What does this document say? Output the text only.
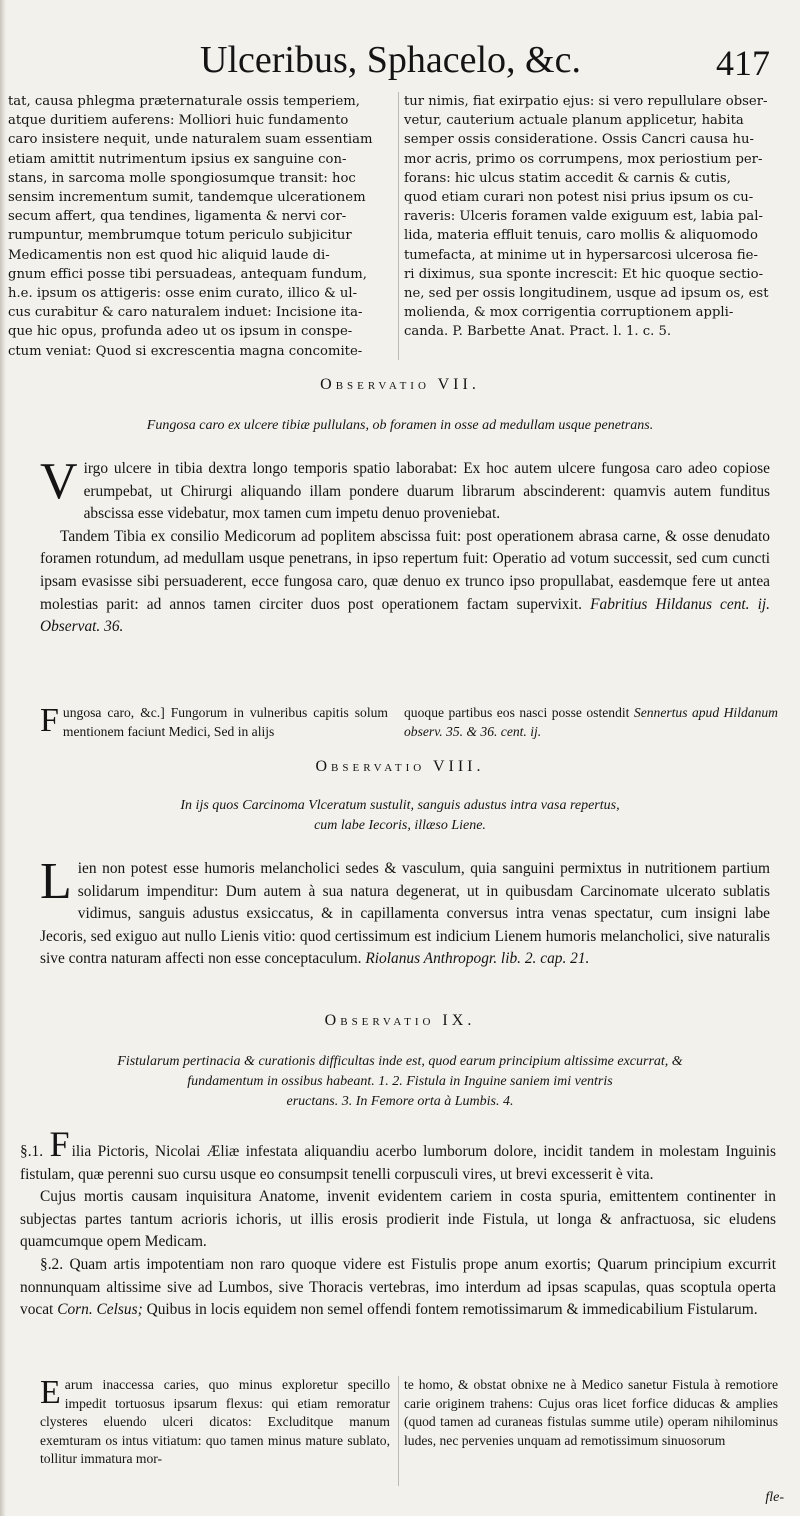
Ulceribus, Sphacelo, &c.	417

tat, causa phlegma præternaturale ossis temperiem,

atque duritiem auferens: Molliori huic fundamento

caro insistere nequit, unde naturalem suam essentiam

etiam amittit nutrimentum ipsius ex sanguine con-

stans, in sarcoma molle spongiosumque transit: hoc

sensim incrementum sumit, tandemque ulcerationem

secum affert, qua tendines, ligamenta & nervi cor-

rumpuntur, membrumque totum periculo subjicitur

Medicamentis non est quod hic aliquid laude di-

gnum effici posse tibi persuadeas, antequam fundum,

h.e. ipsum os attigeris: osse enim curato, illico & ul-

cus curabitur & caro naturalem induet: Incisione ita-

que hic opus, profunda adeo ut os ipsum in conspe-

ctum veniat: Quod si excrescentia magna concomite-

tur nimis, fiat exirpatio ejus: si vero repullulare obser-

vetur, cauterium actuale planum applicetur, habita

semper ossis consideratione. Ossis Cancri causa hu-

mor acris, primo os corrumpens, mox periostium per-

forans: hic ulcus statim accedit & carnis & cutis,

quod etiam curari non potest nisi prius ipsum os cu-

raveris: Ulceris foramen valde exiguum est, labia pal-

lida, materia effluit tenuis, caro mollis & aliquomodo

tumefacta, at minime ut in hypersarcosi ulcerosa fie-

ri diximus, sua sponte increscit: Et hic quoque sectio-

ne, sed per ossis longitudinem, usque ad ipsum os, est

molienda, & mox corrigentia corruptionem appli-

canda. P. Barbette Anat. Pract. l. 1. c. 5.

Observatio VII.
Fungosa caro ex ulcere tibiæ pullulans, ob foramen in osse ad medullam usque penetrans.

Virgo ulcere in tibia dextra longo temporis spatio laborabat: Ex hoc autem ulcere fungosa caro adeo copiose erumpebat, ut Chirurgi aliquando illam pondere duarum librarum abscinderent: quamvis autem funditus abscissa esse videbatur, mox tamen cum impetu denuo proveniebat.

Tandem Tibia ex consilio Medicorum ad poplitem abscissa fuit: post operationem abrasa carne, & osse denudato foramen rotundum, ad medullam usque penetrans, in ipso repertum fuit: Operatio ad votum successit, sed cum cuncti ipsam evasisse sibi persuaderent, ecce fungosa caro, quæ denuo ex trunco ipso propullabat, easdemque fere ut antea molestias parit: ad annos tamen circiter duos post operationem factam supervixit. Fabritius Hildanus cent. ij. Observat. 36.

Fungosa caro, &c.] Fungorum in vulneribus capitis solum mentionem faciunt Medici, Sed in alijs

quoque partibus eos nasci posse ostendit Sennertus apud Hildanum observ. 35. & 36. cent. ij.

Observatio VIII.
In ijs quos Carcinoma Vlceratum sustulit, sanguis adustus intra vasa repertus,
cum labe Iecoris, illæso Liene.

Lien non potest esse humoris melancholici sedes & vasculum, quia sanguini permixtus in nutritionem partium solidarum impenditur: Dum autem à sua natura degenerat, ut in quibusdam Carcinomate ulcerato sublatis vidimus, sanguis adustus exsiccatus, & in capillamenta conversus intra venas spectatur, cum insigni labe Jecoris, sed exiguo aut nullo Lienis vitio: quod certissimum est indicium Lienem humoris melancholici, sive naturalis sive contra naturam affecti non esse conceptaculum. Riolanus Anthropogr. lib. 2. cap. 21.

Observatio IX.
Fistularum pertinacia & curationis difficultas inde est, quod earum principium altissime excurrat, &
fundamentum in ossibus habeant. 1. 2. Fistula in Inguine saniem imi ventris
eructans. 3. In Femore orta à Lumbis. 4.

§.1. F ilia Pictoris, Nicolai Æliæ infestata aliquandiu acerbo lumborum dolore, incidit tandem in molestam Inguinis fistulam, quæ perenni suo cursu usque eo consumpsit tenelli corpusculi vires, ut brevi excesserit è vita.

Cujus mortis causam inquisitura Anatome, invenit evidentem cariem in costa spuria, emittentem continenter in subjectas partes tantum acrioris ichoris, ut illis erosis prodierit inde Fistula, ut longa & anfractuosa, sic eludens quamcumque opem Medicam.

§.2. Quam artis impotentiam non raro quoque videre est Fistulis prope anum exortis; Quarum principium excurrit nonnunquam altissime sive ad Lumbos, sive Thoracis vertebras, imo interdum ad ipsas scapulas, quas scoptula operta vocat Corn. Celsus; Quibus in locis equidem non semel offendi fontem remotissimarum & immedicabilium Fistularum.

Earum inaccessa caries, quo minus exploretur specillo impedit tortuosus ipsarum flexus: qui etiam remoratur clysteres eluendo ulceri dicatos: Excluditque manum exemturam os intus vitiatum: quo tamen minus mature sublato, tollitur immatura mor-

te homo, & obstat obnixe ne à Medico sanetur Fistula à remotiore carie originem trahens: Cujus oras licet forfice diducas & amplies (quod tamen ad curaneas fistulas summe utile) operam nihilominus ludes, nec pervenies unquam ad remotissimum sinuosorum

fle-
